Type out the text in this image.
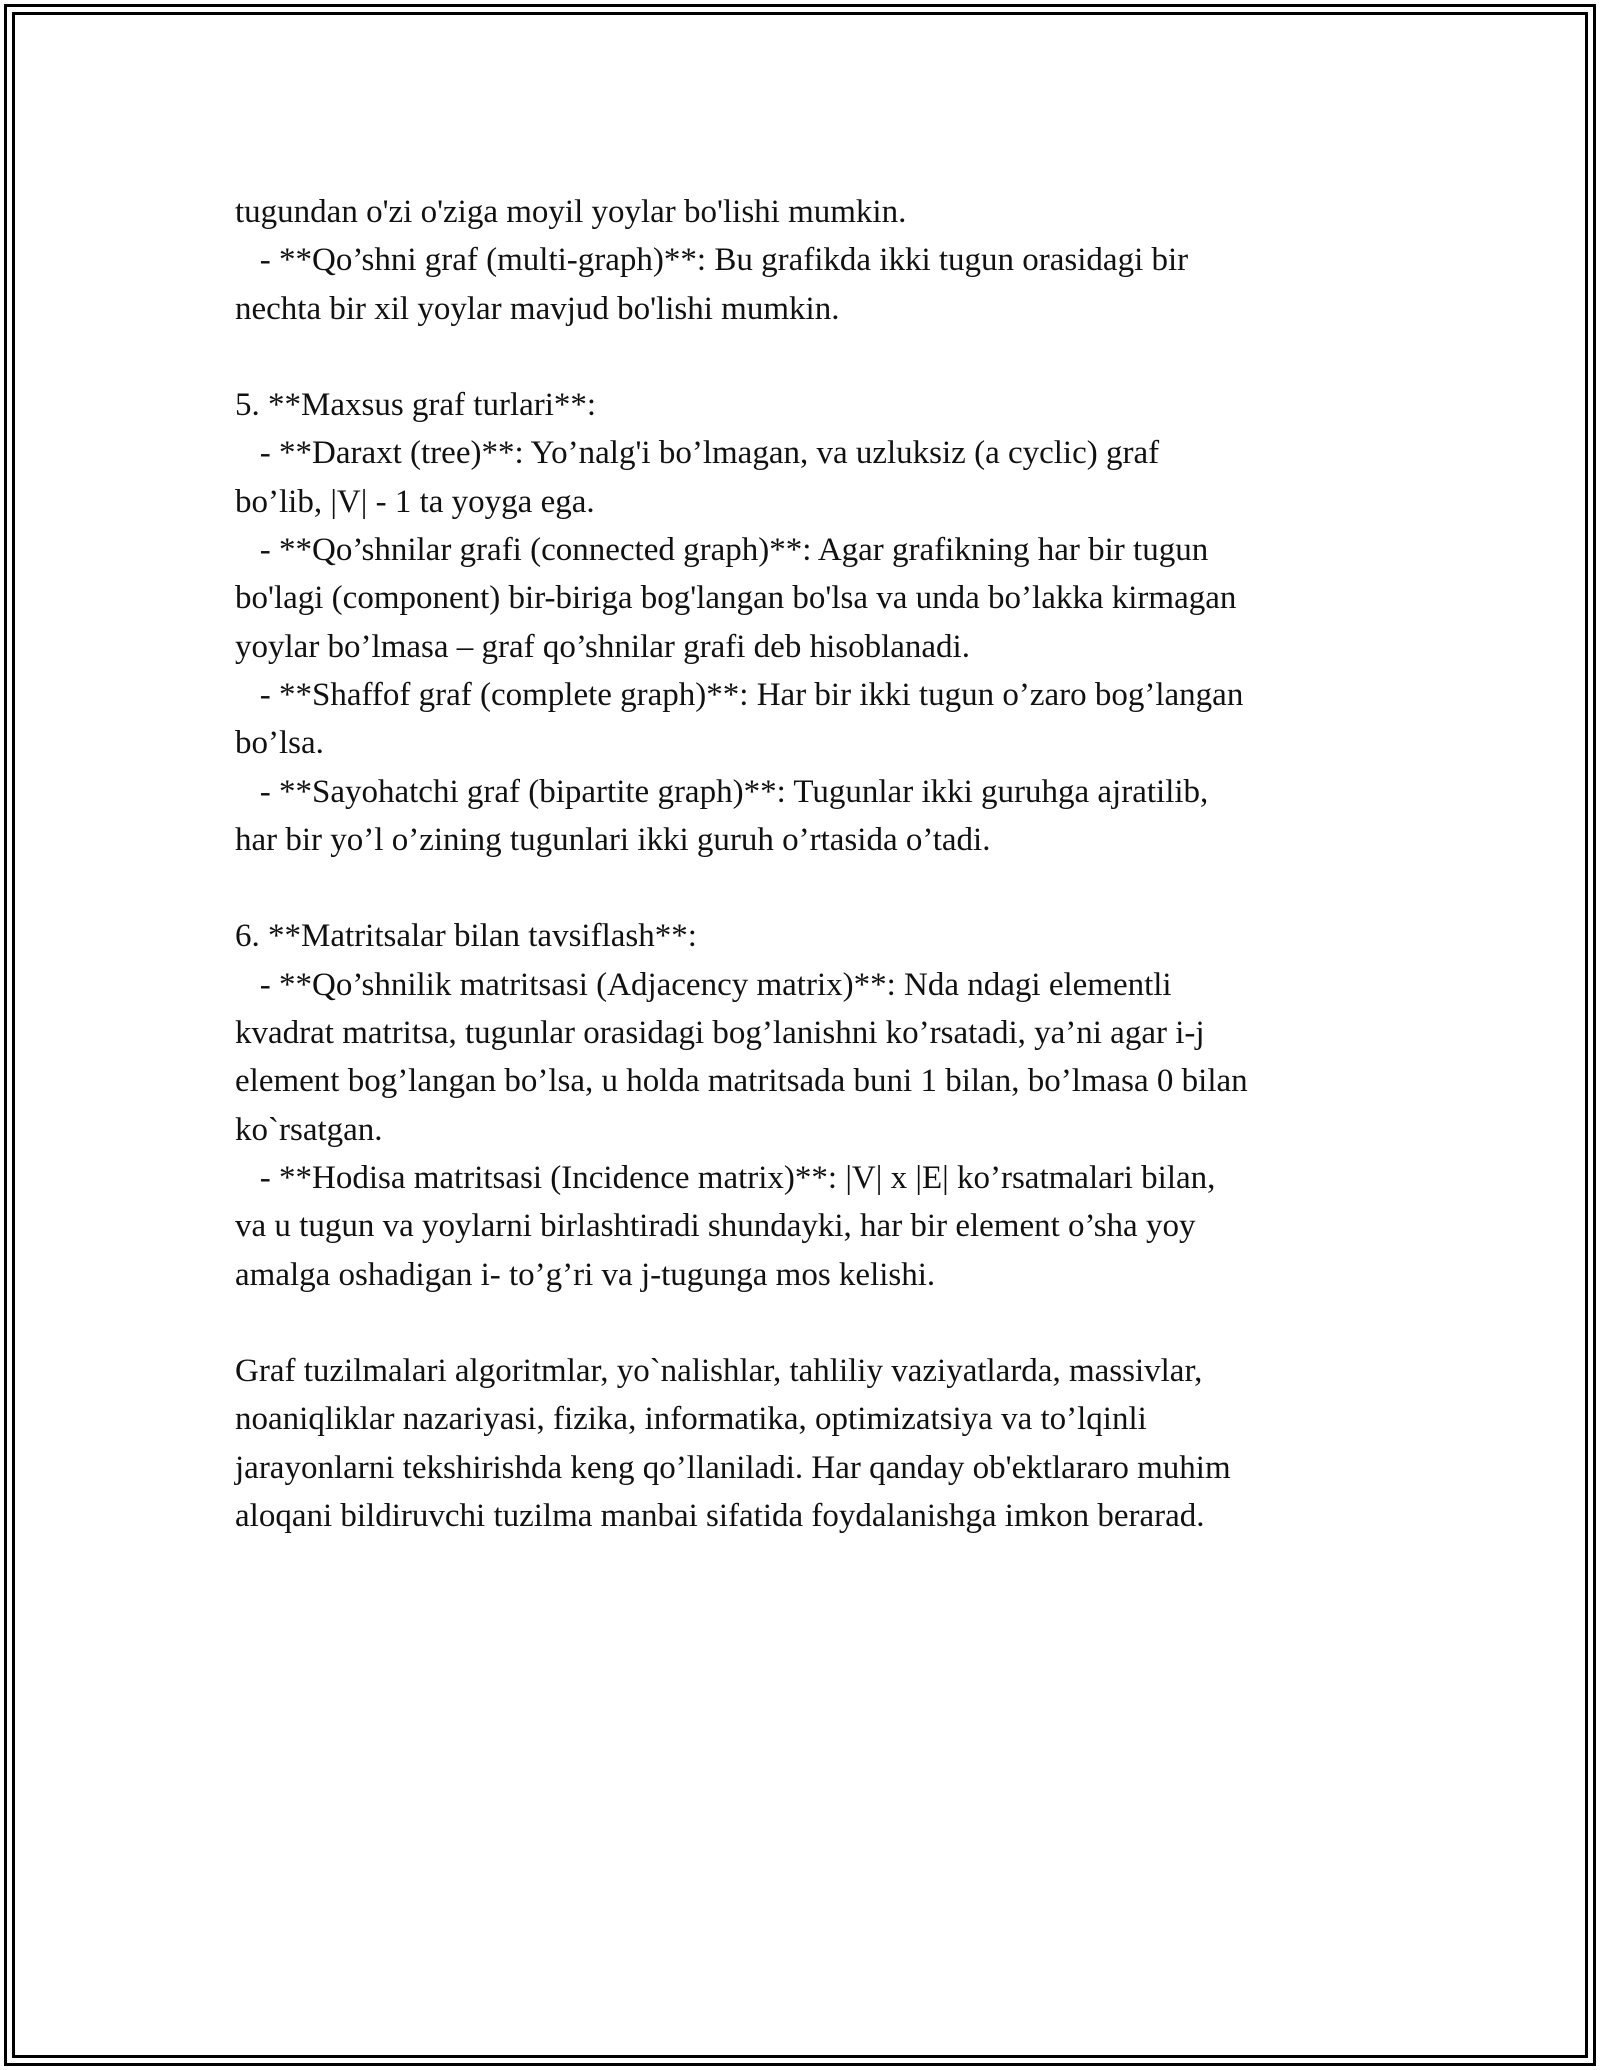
tugundan o'zi o'ziga moyil yoylar bo'lishi mumkin.
- **Qo’shni graf (multi-graph)**: Bu grafikda ikki tugun orasidagi bir
nechta bir xil yoylar mavjud bo'lishi mumkin.
5. **Maxsus graf turlari**:
- **Daraxt (tree)**: Yo’nalg'i bo’lmagan, va uzluksiz (a cyclic) graf
bo’lib, |V| - 1 ta yoyga ega.
- **Qo’shnilar grafi (connected graph)**: Agar grafikning har bir tugun
bo'lagi (component) bir-biriga bog'langan bo'lsa va unda bo’lakka kirmagan
yoylar bo’lmasa – graf qo’shnilar grafi deb hisoblanadi.
- **Shaffof graf (complete graph)**: Har bir ikki tugun o’zaro bog’langan
bo’lsa.
- **Sayohatchi graf (bipartite graph)**: Tugunlar ikki guruhga ajratilib,
har bir yo’l o’zining tugunlari ikki guruh o’rtasida o’tadi.
6. **Matritsalar bilan tavsiflash**:
- **Qo’shnilik matritsasi (Adjacency matrix)**: Nda ndagi elementli
kvadrat matritsa, tugunlar orasidagi bog’lanishni ko’rsatadi, ya’ni agar i-j
element bog’langan bo’lsa, u holda matritsada buni 1 bilan, bo’lmasa 0 bilan
ko`rsatgan.
- **Hodisa matritsasi (Incidence matrix)**: |V| x |E| ko’rsatmalari bilan,
va u tugun va yoylarni birlashtiradi shundayki, har bir element o’sha yoy
amalga oshadigan i- to’g’ri va j-tugunga mos kelishi.
Graf tuzilmalari algoritmlar, yo`nalishlar, tahliliy vaziyatlarda, massivlar,
noaniqliklar nazariyasi, fizika, informatika, optimizatsiya va to’lqinli
jarayonlarni tekshirishda keng qo’llaniladi. Har qanday ob'ektlararo muhim
aloqani bildiruvchi tuzilma manbai sifatida foydalanishga imkon berarad.
